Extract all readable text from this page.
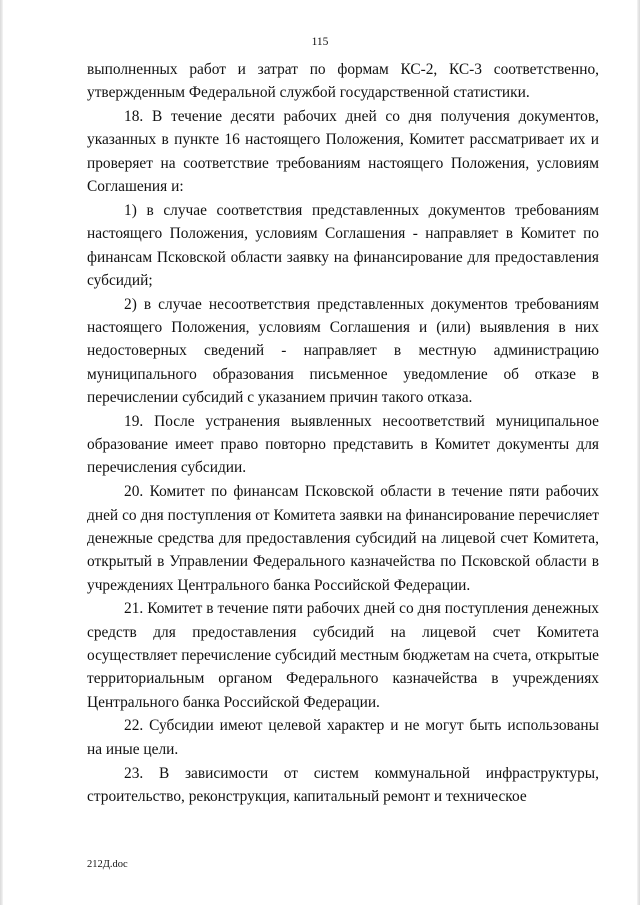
115

выполненных работ и затрат по формам КС-2, КС-3 соответственно, утвержденным Федеральной службой государственной статистики.

18. В течение десяти рабочих дней со дня получения документов, указанных в пункте 16 настоящего Положения, Комитет рассматривает их и проверяет на соответствие требованиям настоящего Положения, условиям Соглашения и:

1) в случае соответствия представленных документов требованиям настоящего Положения, условиям Соглашения - направляет в Комитет по финансам Псковской области заявку на финансирование для предоставления субсидий;

2) в случае несоответствия представленных документов требованиям настоящего Положения, условиям Соглашения и (или) выявления в них недостоверных сведений - направляет в местную администрацию муниципального образования письменное уведомление об отказе в перечислении субсидий с указанием причин такого отказа.

19. После устранения выявленных несоответствий муниципальное образование имеет право повторно представить в Комитет документы для перечисления субсидии.

20. Комитет по финансам Псковской области в течение пяти рабочих дней со дня поступления от Комитета заявки на финансирование перечисляет денежные средства для предоставления субсидий на лицевой счет Комитета, открытый в Управлении Федерального казначейства по Псковской области в учреждениях Центрального банка Российской Федерации.

21. Комитет в течение пяти рабочих дней со дня поступления денежных средств для предоставления субсидий на лицевой счет Комитета осуществляет перечисление субсидий местным бюджетам на счета, открытые территориальным органом Федерального казначейства в учреждениях Центрального банка Российской Федерации.

22. Субсидии имеют целевой характер и не могут быть использованы на иные цели.

23. В зависимости от систем коммунальной инфраструктуры, строительство, реконструкция, капитальный ремонт и техническое

212Д.doc
